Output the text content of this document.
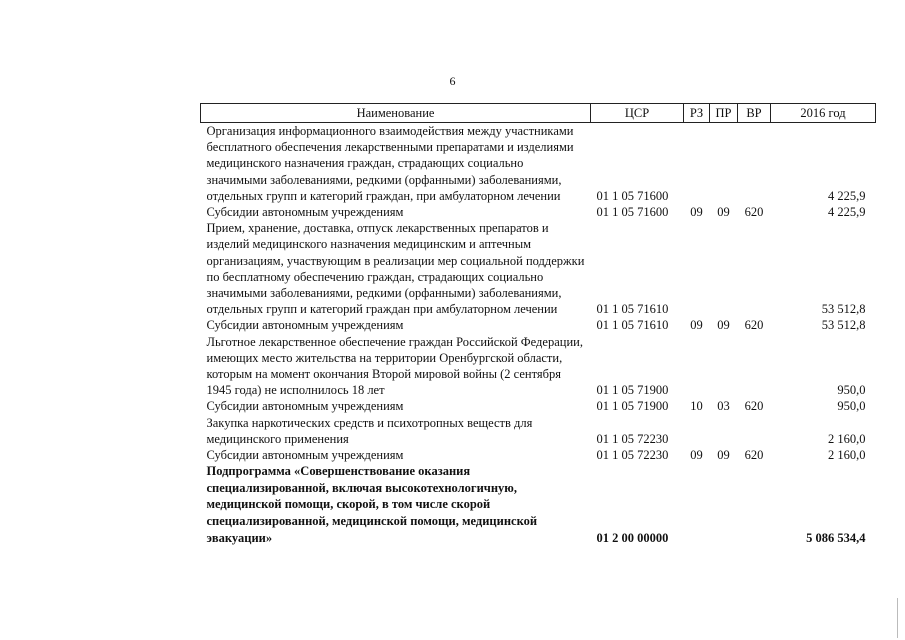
6
Наименование	ЦСР	РЗ	ПР	ВР	2016 год
Организация информационного взаимодействия между участниками бесплатного обеспечения лекарственными препаратами и изделиями медицинского назначения граждан, страдающих социально значимыми заболеваниями, редкими (орфанными) заболеваниями, отдельных групп и категорий граждан, при амбулаторном лечении	01 1 05 71600				4 225,9
Субсидии автономным учреждениям	01 1 05 71600	09	09	620	4 225,9
Прием, хранение, доставка, отпуск лекарственных препаратов и изделий медицинского назначения медицинским и аптечным организациям, участвующим в реализации мер социальной поддержки по бесплатному обеспечению граждан, страдающих социально значимыми заболеваниями, редкими (орфанными) заболеваниями, отдельных групп и категорий граждан при амбулаторном лечении	01 1 05 71610				53 512,8
Субсидии автономным учреждениям	01 1 05 71610	09	09	620	53 512,8
Льготное лекарственное обеспечение граждан Российской Федерации, имеющих место жительства на территории Оренбургской области, которым на момент окончания Второй мировой войны (2 сентября 1945 года) не исполнилось 18 лет	01 1 05 71900				950,0
Субсидии автономным учреждениям	01 1 05 71900	10	03	620	950,0
Закупка наркотических средств и психотропных веществ для медицинского применения	01 1 05 72230				2 160,0
Субсидии автономным учреждениям	01 1 05 72230	09	09	620	2 160,0
Подпрограмма «Совершенствование оказания специализированной, включая высокотехнологичную, медицинской помощи, скорой, в том числе скорой специализированной, медицинской помощи, медицинской эвакуации»	01 2 00 00000				5 086 534,4
